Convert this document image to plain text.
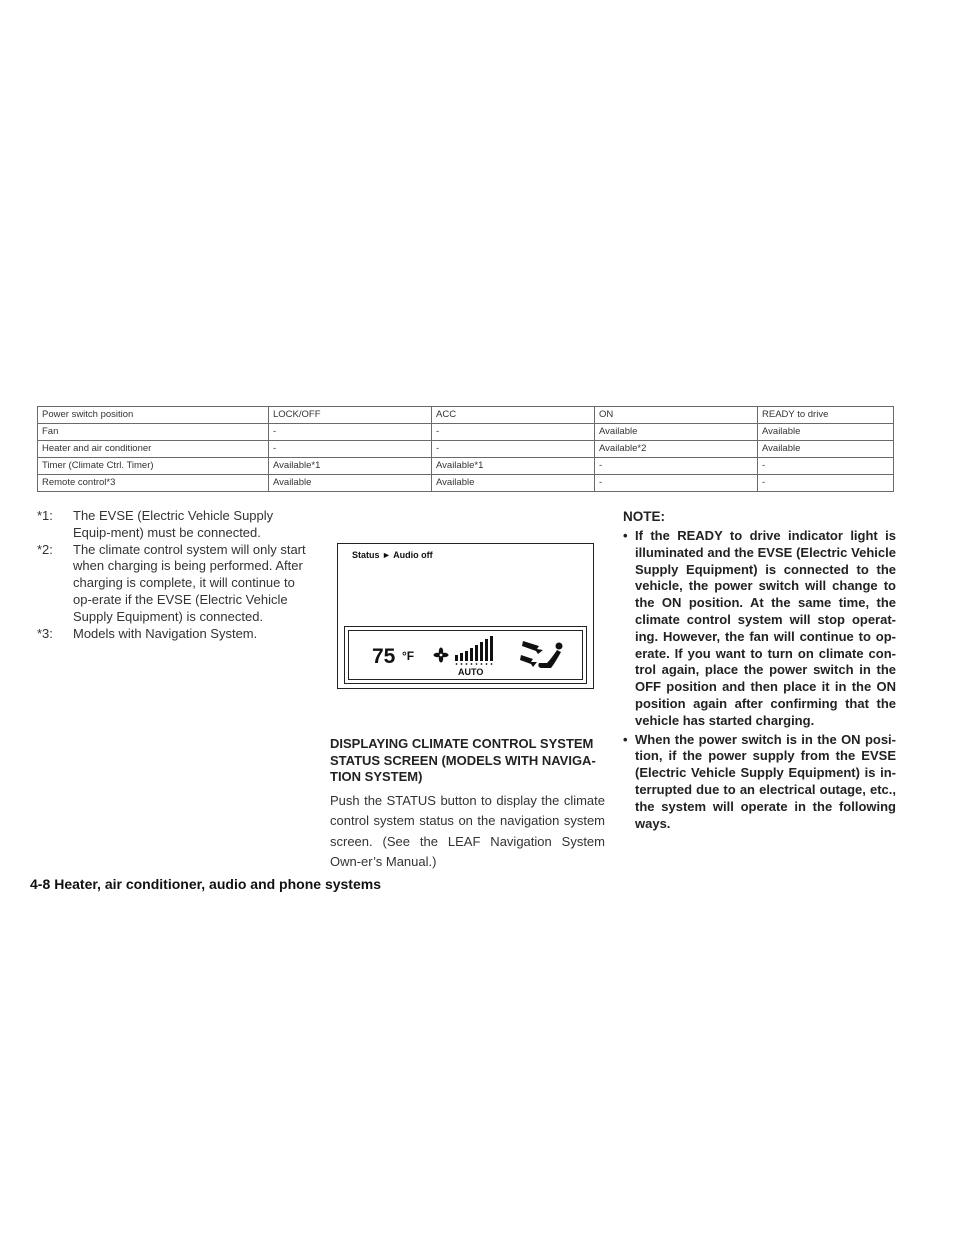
Power switch position	LOCK/OFF	ACC	ON	READY to drive
Fan	-	-	Available	Available
Heater and air conditioner	-	-	Available*2	Available
Timer (Climate Ctrl. Timer)	Available*1	Available*1	-	-
Remote control*3	Available	Available	-	-
*1: The EVSE (Electric Vehicle Supply Equip-ment) must be connected.
*2: The climate control system will only start when charging is being performed. After charging is complete, it will continue to op-erate if the EVSE (Electric Vehicle Supply Equipment) is connected.
*3: Models with Navigation System.
Status ► Audio off
75 °F
AUTO
DISPLAYING CLIMATE CONTROL SYSTEM STATUS SCREEN (MODELS WITH NAVIGA-TION SYSTEM)
Push the STATUS button to display the climate control system status on the navigation system screen. (See the LEAF Navigation System Own-er’s Manual.)
NOTE:
• If the READY to drive indicator light is illuminated and the EVSE (Electric Vehicle Supply Equipment) is connected to the vehicle, the power switch will change to the ON position. At the same time, the climate control system will stop operat-ing. However, the fan will continue to op-erate. If you want to turn on climate con-trol again, place the power switch in the OFF position and then place it in the ON position again after confirming that the vehicle has started charging.
• When the power switch is in the ON posi-tion, if the power supply from the EVSE (Electric Vehicle Supply Equipment) is in-terrupted due to an electrical outage, etc., the system will operate in the following ways.
4-8 Heater, air conditioner, audio and phone systems
